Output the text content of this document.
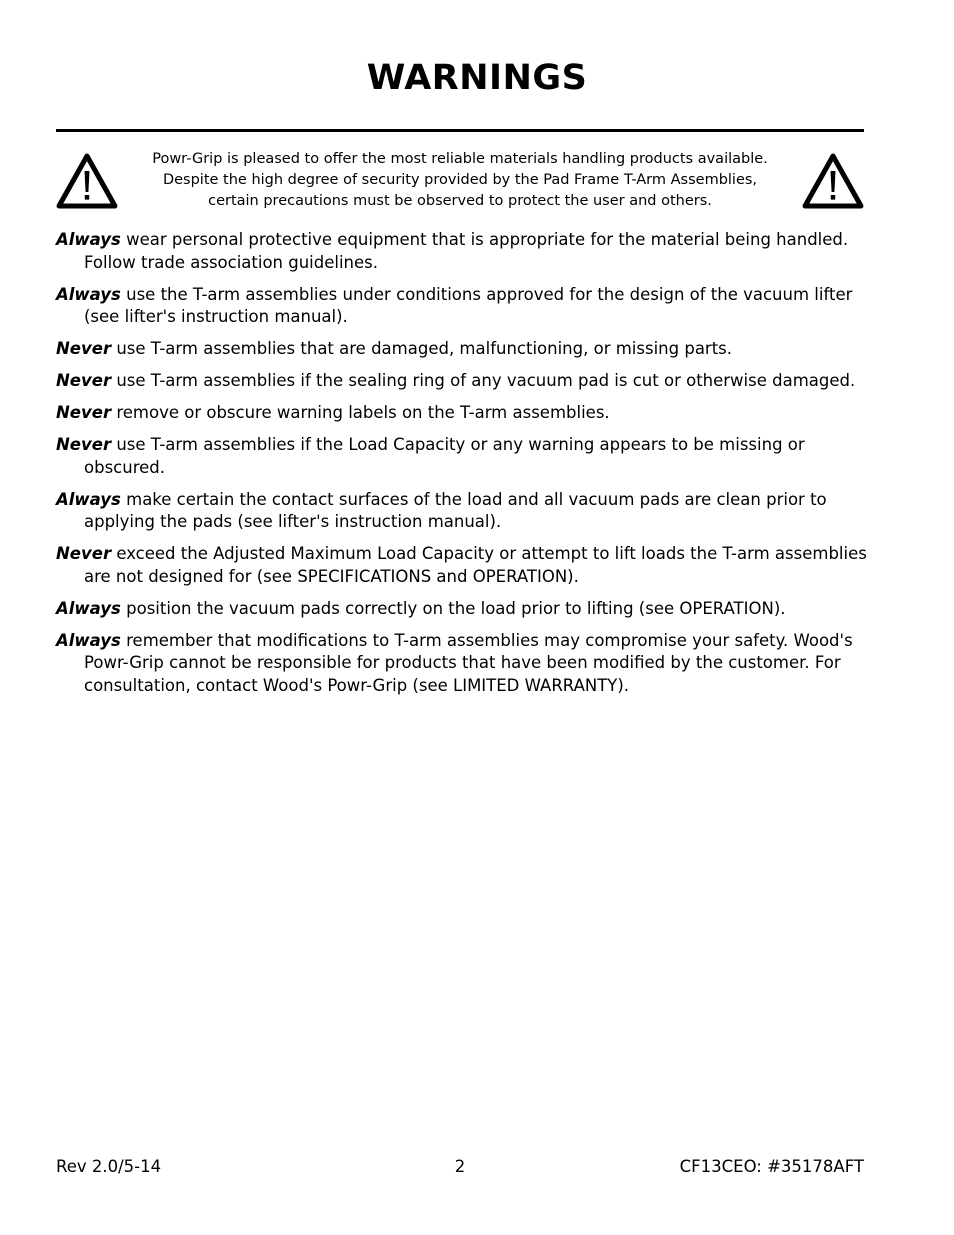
WARNINGS
Powr-Grip is pleased to offer the most reliable materials handling products available.
Despite the high degree of security provided by the Pad Frame T-Arm Assemblies,
certain precautions must be observed to protect the user and others.
Always wear personal protective equipment that is appropriate for the material being handled. Follow trade association guidelines.
Always use the T-arm assemblies under conditions approved for the design of the vacuum lifter (see lifter's instruction manual).
Never use T-arm assemblies that are damaged, malfunctioning, or missing parts.
Never use T-arm assemblies if the sealing ring of any vacuum pad is cut or otherwise damaged.
Never remove or obscure warning labels on the T-arm assemblies.
Never use T-arm assemblies if the Load Capacity or any warning appears to be missing or obscured.
Always make certain the contact surfaces of the load and all vacuum pads are clean prior to applying the pads (see lifter's instruction manual).
Never exceed the Adjusted Maximum Load Capacity or attempt to lift loads the T-arm assemblies are not designed for (see SPECIFICATIONS and OPERATION).
Always position the vacuum pads correctly on the load prior to lifting (see OPERATION).
Always remember that modifications to T-arm assemblies may compromise your safety. Wood's Powr-Grip cannot be responsible for products that have been modified by the customer. For consultation, contact Wood's Powr-Grip (see LIMITED WARRANTY).
Rev 2.0/5-14	2	CF13CEO: #35178AFT
